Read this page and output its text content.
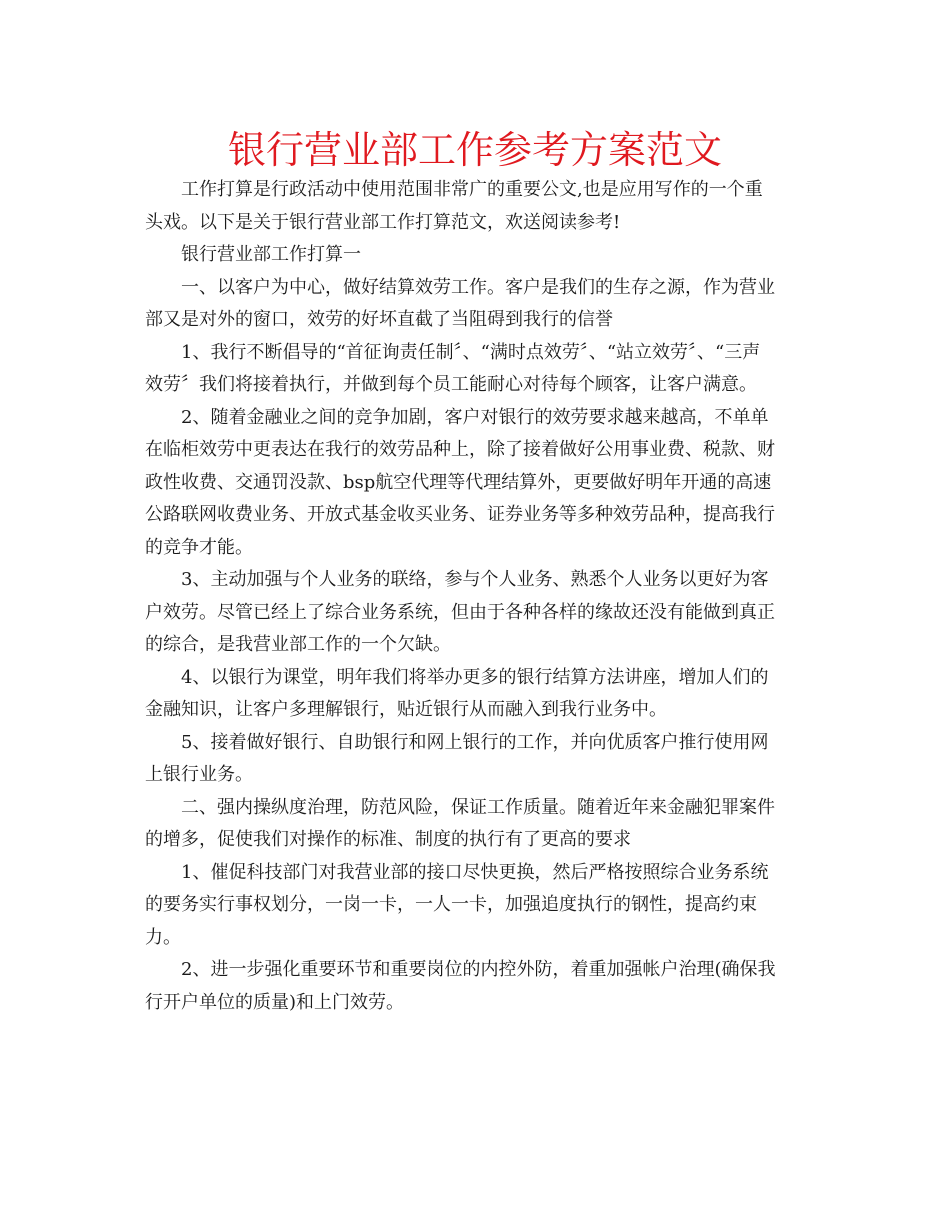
银行营业部工作参考方案范文

工作打算是行政活动中使用范围非常广的重要公文,也是应用写作的一个重
头戏。以下是关于银行营业部工作打算范文，欢送阅读参考!

银行营业部工作打算一

一、以客户为中心，做好结算效劳工作。客户是我们的生存之源，作为营业
部又是对外的窗口，效劳的好坏直截了当阻碍到我行的信誉

1、我行不断倡导的“首征询责任制〞、“满时点效劳〞、“站立效劳〞、“三声
效劳〞我们将接着执行，并做到每个员工能耐心对待每个顾客，让客户满意。

2、随着金融业之间的竞争加剧，客户对银行的效劳要求越来越高，不单单
在临柜效劳中更表达在我行的效劳品种上，除了接着做好公用事业费、税款、财
政性收费、交通罚没款、bsp航空代理等代理结算外，更要做好明年开通的高速
公路联网收费业务、开放式基金收买业务、证券业务等多种效劳品种，提高我行
的竞争才能。

3、主动加强与个人业务的联络，参与个人业务、熟悉个人业务以更好为客
户效劳。尽管已经上了综合业务系统，但由于各种各样的缘故还没有能做到真正
的综合，是我营业部工作的一个欠缺。

4、以银行为课堂，明年我们将举办更多的银行结算方法讲座，增加人们的
金融知识，让客户多理解银行，贴近银行从而融入到我行业务中。

5、接着做好银行、自助银行和网上银行的工作，并向优质客户推行使用网
上银行业务。

二、强内操纵度治理，防范风险，保证工作质量。随着近年来金融犯罪案件
的增多，促使我们对操作的标准、制度的执行有了更高的要求

1、催促科技部门对我营业部的接口尽快更换，然后严格按照综合业务系统
的要务实行事权划分，一岗一卡，一人一卡，加强追度执行的钢性，提高约束
力。

2、进一步强化重要环节和重要岗位的内控外防，着重加强帐户治理(确保我
行开户单位的质量)和上门效劳。
